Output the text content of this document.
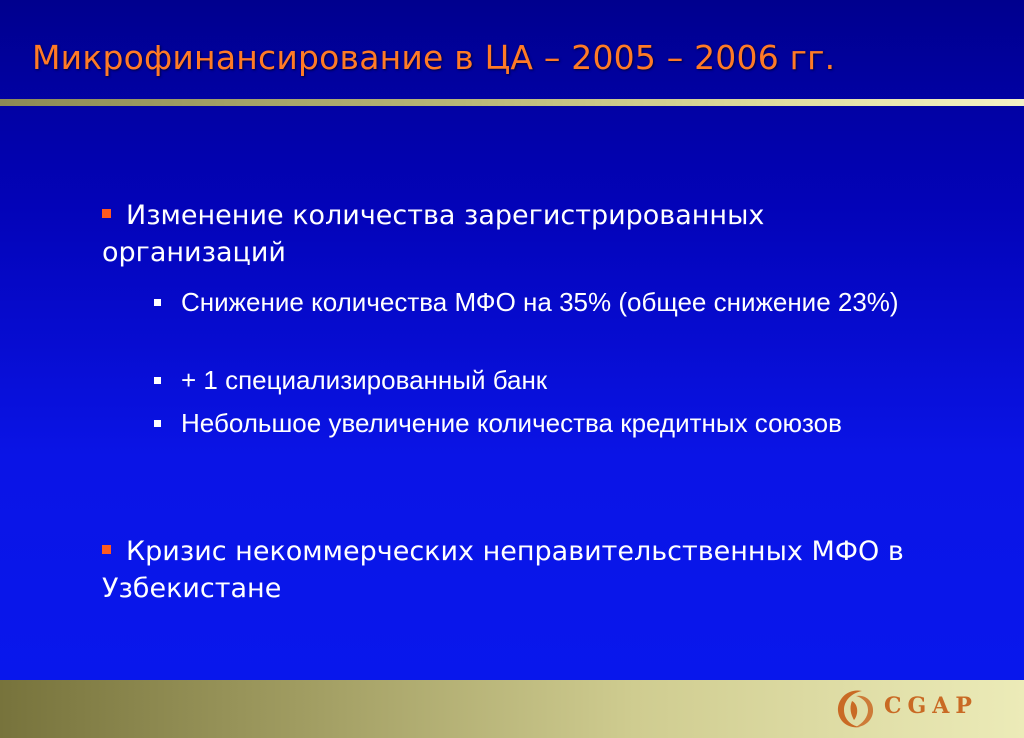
Микрофинансирование в ЦА – 2005 – 2006 гг.
Изменение количества зарегистрированных организаций
Снижение количества МФО на 35% (общее снижение 23%)
+ 1 специализированный банк
Небольшое увеличение количества кредитных союзов
Кризис некоммерческих неправительственных МФО в Узбекистане
CGAP
